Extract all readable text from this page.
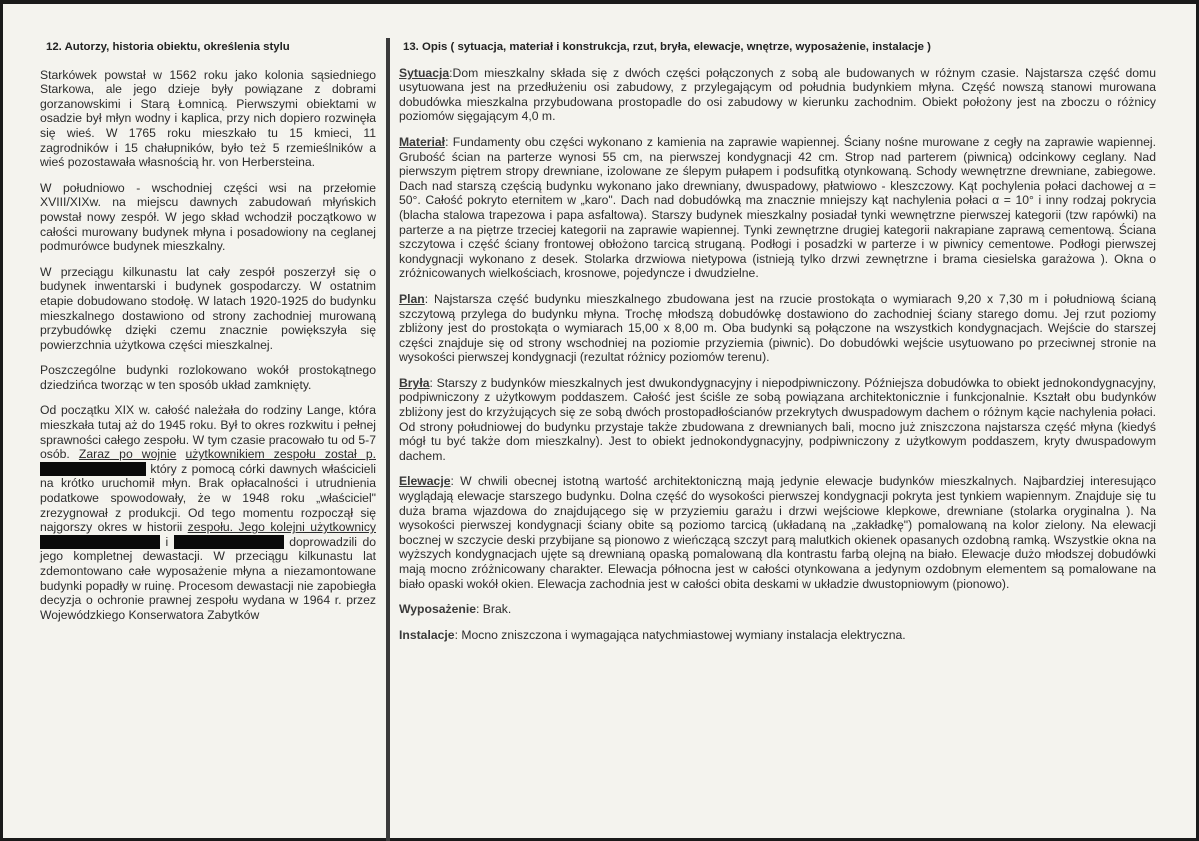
12. Autorzy, historia obiektu, określenia stylu

Starkówek powstał w 1562 roku jako kolonia sąsiedniego Starkowa, ale jego dzieje były powiązane z dobrami gorzanowskimi i Starą Łomnicą. Pierwszymi obiektami w osadzie był młyn wodny i kaplica, przy nich dopiero rozwinęła się wieś. W 1765 roku mieszkało tu 15 kmieci, 11 zagrodników i 15 chałupników, było też 5 rzemieślników a wieś pozostawała własnością hr. von Herbersteina.

W południowo - wschodniej części wsi na przełomie XVIII/XIXw. na miejscu dawnych zabudowań młyńskich powstał nowy zespół. W jego skład wchodził początkowo w całości murowany budynek młyna i posadowiony na ceglanej podmurówce budynek mieszkalny.

W przeciągu kilkunastu lat cały zespół poszerzył się o budynek inwentarski i budynek gospodarczy. W ostatnim etapie dobudowano stodołę. W latach 1920-1925 do budynku mieszkalnego dostawiono od strony zachodniej murowaną przybudówkę dzięki czemu znacznie powiększyła się powierzchnia użytkowa części mieszkalnej.

Poszczególne budynki rozlokowano wokół prostokątnego dziedzińca tworząc w ten sposób układ zamknięty.

Od początku XIX w. całość należała do rodziny Lange, która mieszkała tutaj aż do 1945 roku. Był to okres rozkwitu i pełnej sprawności całego zespołu. W tym czasie pracowało tu od 5-7 osób. Zaraz po wojnie użytkownikiem zespołu został p.  który z pomocą córki dawnych właścicieli na krótko uruchomił młyn. Brak opłacalności i utrudnienia podatkowe spowodowały, że w 1948 roku „właściciel" zrezygnował z produkcji. Od tego momentu rozpoczął się najgorszy okres w historii zespołu. Jego kolejni użytkownicy  i	doprowadzili do jego kompletnej dewastacji. W przeciągu kilkunastu lat zdemontowano całe wyposażenie młyna a niezamontowane budynki popadły w ruinę. Procesom dewastacji nie zapobiegła decyzja o ochronie prawnej zespołu wydana w 1964 r. przez Wojewódzkiego Konserwatora Zabytków

13. Opis ( sytuacja, materiał i konstrukcja, rzut, bryła, elewacje, wnętrze, wyposażenie, instalacje )

Sytuacja:Dom mieszkalny składa się z dwóch części połączonych z sobą ale budowanych w różnym czasie. Najstarsza część domu usytuowana jest na przedłużeniu osi zabudowy, z przylegającym od południa budynkiem młyna. Część nowszą stanowi murowana dobudówka mieszkalna przybudowana prostopadle do osi zabudowy w kierunku zachodnim. Obiekt położony jest na zboczu o różnicy poziomów sięgającym 4,0 m.

Materiał: Fundamenty obu części wykonano z kamienia na zaprawie wapiennej. Ściany nośne murowane z cegły na zaprawie wapiennej. Grubość ścian na parterze wynosi 55 cm, na pierwszej kondygnacji 42 cm. Strop nad parterem (piwnicą) odcinkowy ceglany. Nad pierwszym piętrem stropy drewniane, izolowane ze ślepym pułapem i podsufitką otynkowaną. Schody wewnętrzne drewniane, zabiegowe. Dach nad starszą częścią budynku wykonano jako drewniany, dwuspadowy, płatwiowo - kleszczowy. Kąt pochylenia połaci dachowej α = 50°. Całość pokryto eternitem w „karo". Dach nad dobudówką ma znacznie mniejszy kąt nachylenia połaci α = 10° i inny rodzaj pokrycia (blacha stalowa trapezowa i papa asfaltowa). Starszy budynek mieszkalny posiadał tynki wewnętrzne pierwszej kategorii (tzw rapówki) na parterze a na piętrze trzeciej kategorii na zaprawie wapiennej. Tynki zewnętrzne drugiej kategorii nakrapiane zaprawą cementową. Ściana szczytowa i część ściany frontowej obłożono tarcicą struganą. Podłogi i posadzki w parterze i w piwnicy cementowe. Podłogi pierwszej kondygnacji wykonano z desek. Stolarka drzwiowa nietypowa (istnieją tylko drzwi zewnętrzne i brama ciesielska garażowa ). Okna o zróżnicowanych wielkościach, krosnowe, pojedyncze i dwudzielne.

Plan: Najstarsza część budynku mieszkalnego zbudowana jest na rzucie prostokąta o wymiarach 9,20 x 7,30 m i południową ścianą szczytową przylega do budynku młyna. Trochę młodszą dobudówkę dostawiono do zachodniej ściany starego domu. Jej rzut poziomy zbliżony jest do prostokąta o wymiarach 15,00 x 8,00 m. Oba budynki są połączone na wszystkich kondygnacjach. Wejście do starszej części znajduje się od strony wschodniej na poziomie przyziemia (piwnic). Do dobudówki wejście usytuowano po przeciwnej stronie na wysokości pierwszej kondygnacji (rezultat różnicy poziomów terenu).

Bryła: Starszy z budynków mieszkalnych jest dwukondygnacyjny i niepodpiwniczony. Późniejsza dobudówka to obiekt jednokondygnacyjny, podpiwniczony z użytkowym poddaszem. Całość jest ściśle ze sobą powiązana architektonicznie i funkcjonalnie. Kształt obu budynków zbliżony jest do krzyżujących się ze sobą dwóch prostopadłościanów przekrytych dwuspadowym dachem o różnym kącie nachylenia połaci. Od strony południowej do budynku przystaje także zbudowana z drewnianych bali, mocno już zniszczona najstarsza część młyna (kiedyś mógł tu być także dom mieszkalny). Jest to obiekt jednokondygnacyjny, podpiwniczony z użytkowym poddaszem, kryty dwuspadowym dachem.

Elewacje: W chwili obecnej istotną wartość architektoniczną mają jedynie elewacje budynków mieszkalnych. Najbardziej interesująco wyglądają elewacje starszego budynku. Dolna część do wysokości pierwszej kondygnacji pokryta jest tynkiem wapiennym. Znajduje się tu duża brama wjazdowa do znajdującego się w przyziemiu garażu i drzwi wejściowe klepkowe, drewniane (stolarka oryginalna ). Na wysokości pierwszej kondygnacji ściany obite są poziomo tarcicą (układaną na „zakładkę") pomalowaną na kolor zielony. Na elewacji bocznej w szczycie deski przybijane są pionowo z wieńczącą szczyt parą malutkich okienek opasanych ozdobną ramką. Wszystkie okna na wyższych kondygnacjach ujęte są drewnianą opaską pomalowaną dla kontrastu farbą olejną na biało. Elewacje dużo młodszej dobudówki mają mocno zróżnicowany charakter. Elewacja północna jest w całości otynkowana a jedynym ozdobnym elementem są pomalowane na biało opaski wokół okien. Elewacja zachodnia jest w całości obita deskami w układzie dwustopniowym (pionowo).

Wyposażenie: Brak.

Instalacje: Mocno zniszczona i wymagająca natychmiastowej wymiany instalacja elektryczna.
